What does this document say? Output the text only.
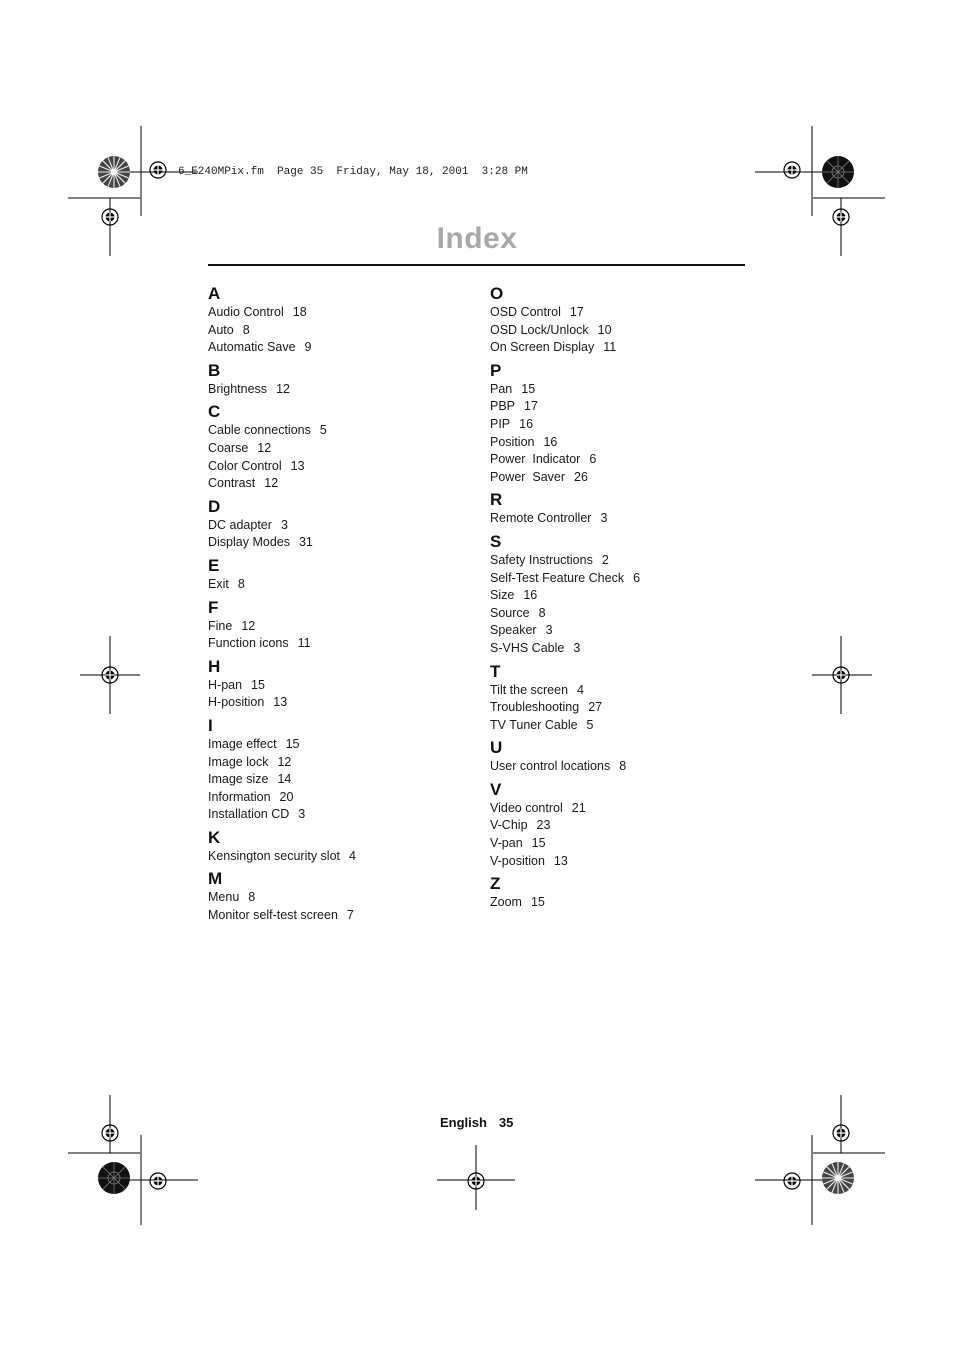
6_E240MPix.fm  Page 35  Friday, May 18, 2001  3:28 PM
Index
A
Audio Control 18
Auto 8
Automatic Save 9
B
Brightness 12
C
Cable connections 5
Coarse 12
Color Control 13
Contrast 12
D
DC adapter 3
Display Modes 31
E
Exit 8
F
Fine 12
Function icons 11
H
H-pan 15
H-position 13
I
Image effect 15
Image lock 12
Image size 14
Information 20
Installation CD 3
K
Kensington security slot 4
M
Menu 8
Monitor self-test screen 7
O
OSD Control 17
OSD Lock/Unlock 10
On Screen Display 11
P
Pan 15
PBP 17
PIP 16
Position 16
Power  Indicator 6
Power  Saver 26
R
Remote Controller 3
S
Safety Instructions 2
Self-Test Feature Check 6
Size 16
Source 8
Speaker 3
S-VHS Cable 3
T
Tilt the screen 4
Troubleshooting 27
TV Tuner Cable 5
U
User control locations 8
V
Video control 21
V-Chip 23
V-pan 15
V-position 13
Z
Zoom 15
English 35
